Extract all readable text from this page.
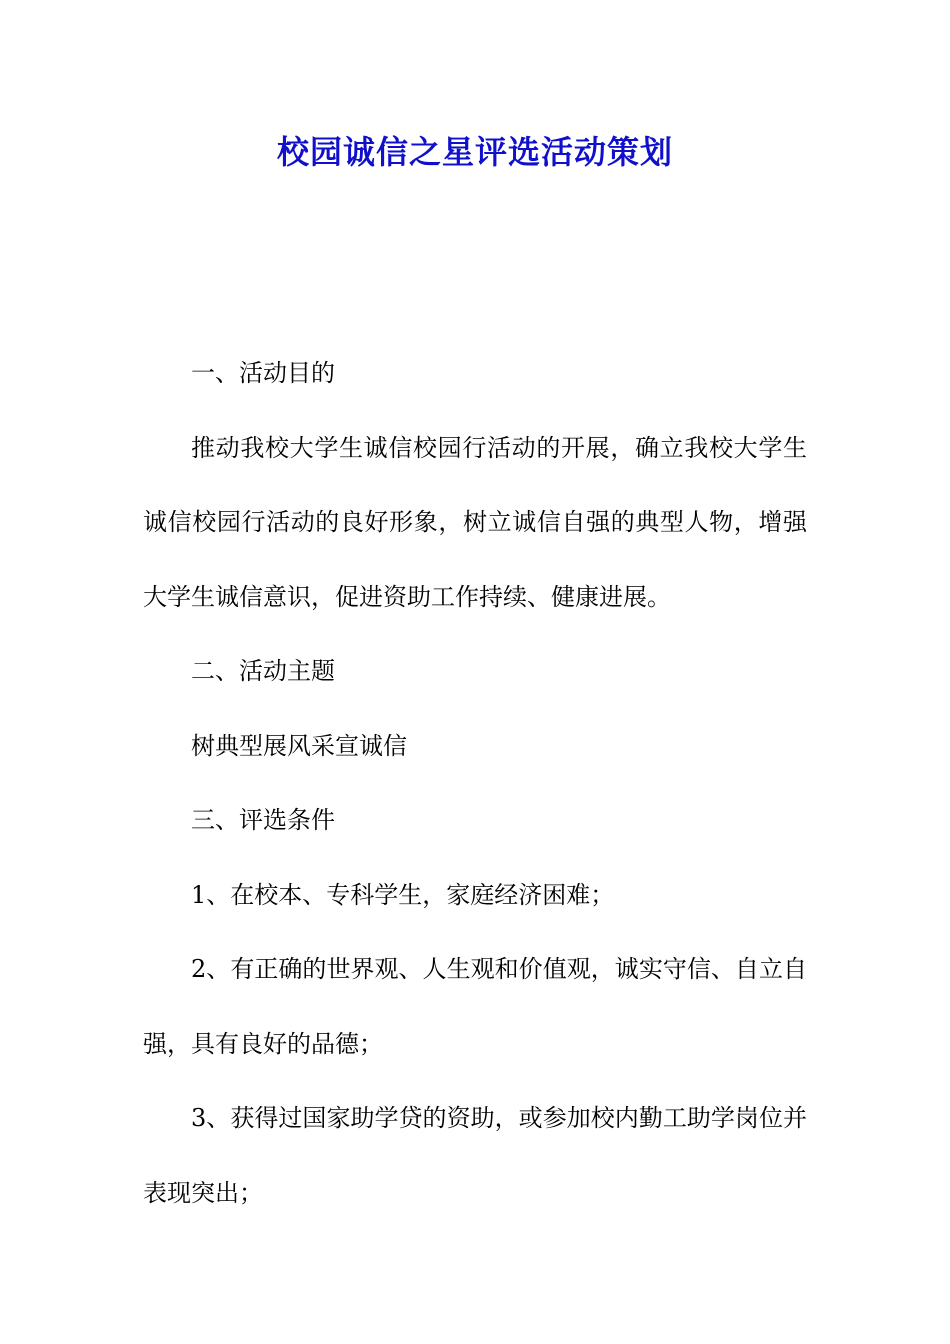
校园诚信之星评选活动策划

一、活动目的

推动我校大学生诚信校园行活动的开展，确立我校大学生诚信校园行活动的良好形象，树立诚信自强的典型人物，增强大学生诚信意识，促进资助工作持续、健康进展。

二、活动主题

树典型展风采宣诚信

三、评选条件

1、在校本、专科学生，家庭经济困难；

2、有正确的世界观、人生观和价值观，诚实守信、自立自强，具有良好的品德；

3、获得过国家助学贷的资助，或参加校内勤工助学岗位并表现突出；
